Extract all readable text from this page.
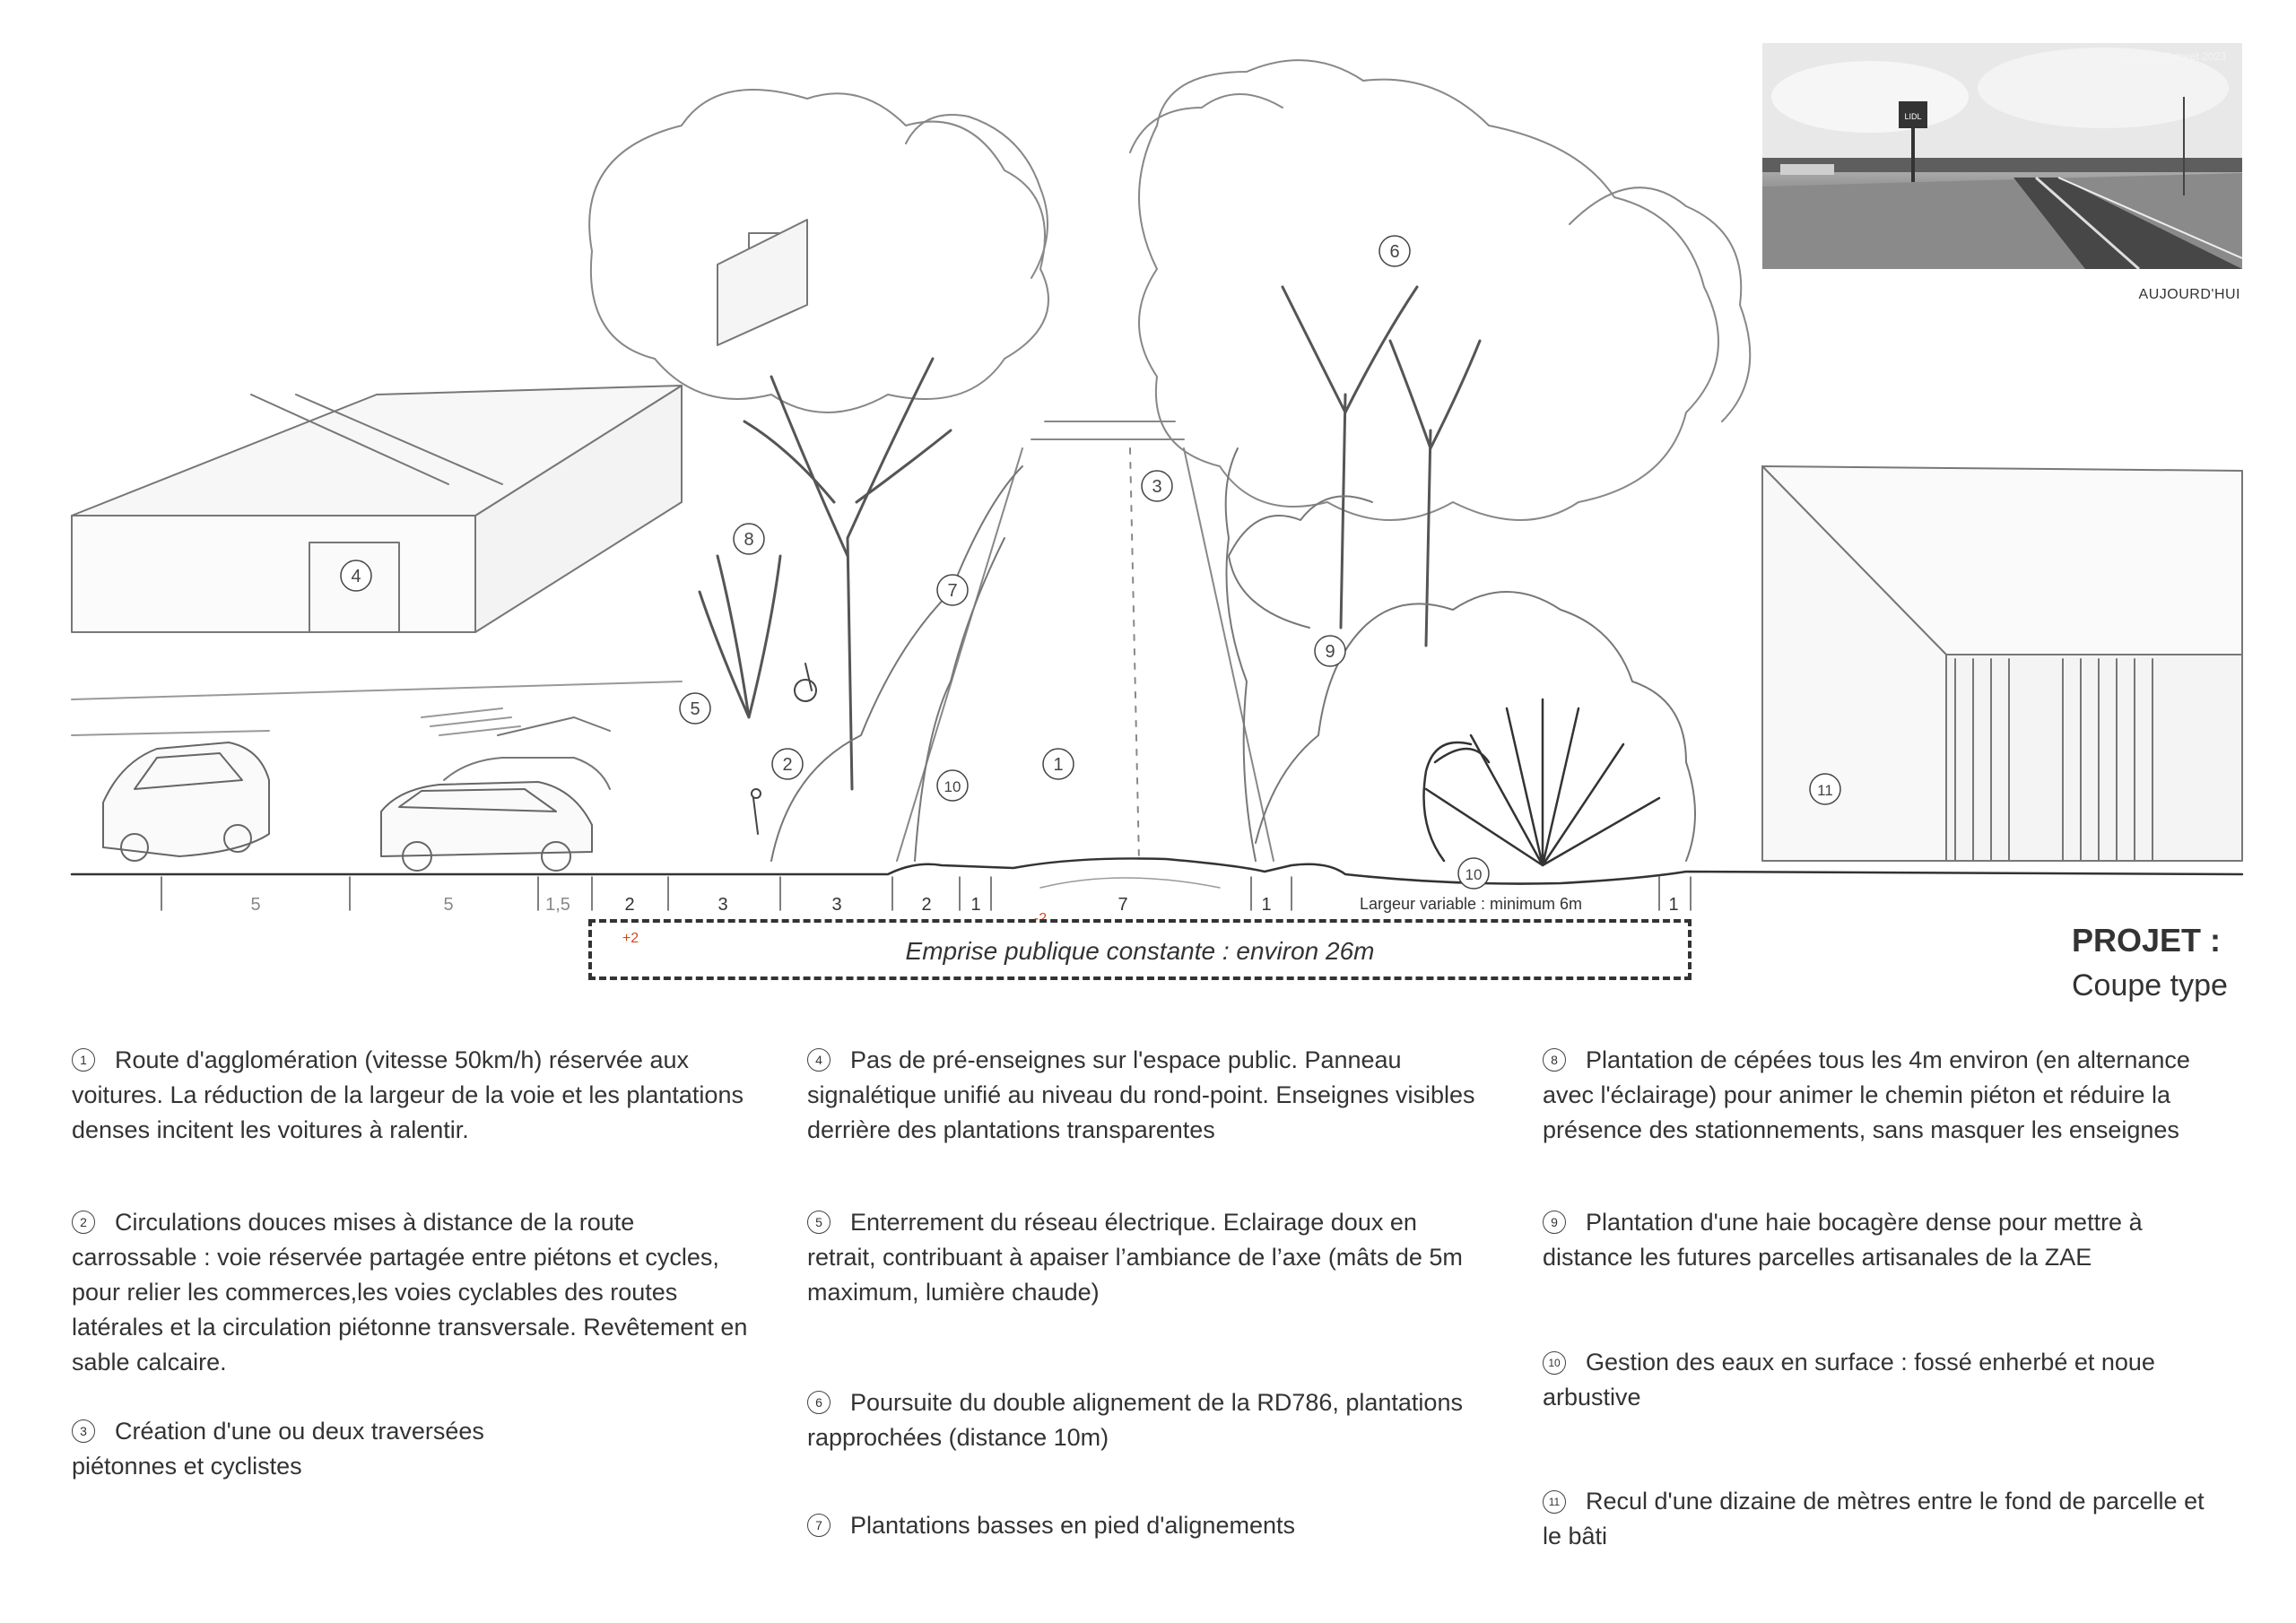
1
2
3
4
5
6
7
8
9
10
10
11
LIDL
Source : Gstreet 2023
AUJOURD'HUI
5	5	1,5	2	3	3	2 1	7	1	Largeur variable : minimum 6m	1
+2
-2
Emprise publique constante : environ 26m	PROJET :
Coupe type
1 Route d'agglomération (vitesse 50km/h) réservée aux voitures. La réduction de la largeur de la voie et les plantations denses incitent les voitures à ralentir.
2 Circulations douces mises à distance de la route carrossable : voie réservée partagée entre piétons et cycles, pour relier les commerces,les voies cyclables des routes latérales et la circulation piétonne transversale. Revêtement en sable calcaire.
3 Création d'une ou deux traversées
piétonnes et cyclistes
4 Pas de pré-enseignes sur l'espace public. Panneau signalétique unifié au niveau du rond-point. Enseignes visibles derrière des plantations transparentes
5 Enterrement du réseau électrique. Eclairage doux en retrait, contribuant à apaiser l’ambiance de l’axe (mâts de 5m maximum, lumière chaude)
6 Poursuite du double alignement de la RD786, plantations rapprochées (distance 10m)
7 Plantations basses en pied d'alignements
8 Plantation de cépées tous les 4m environ (en alternance avec l'éclairage) pour animer le chemin piéton et réduire la présence des stationnements, sans masquer les enseignes
9 Plantation d'une haie bocagère dense pour mettre à distance les futures parcelles artisanales de la ZAE
10 Gestion des eaux en surface : fossé enherbé et noue arbustive
11 Recul d'une dizaine de mètres entre le fond de parcelle et le bâti
